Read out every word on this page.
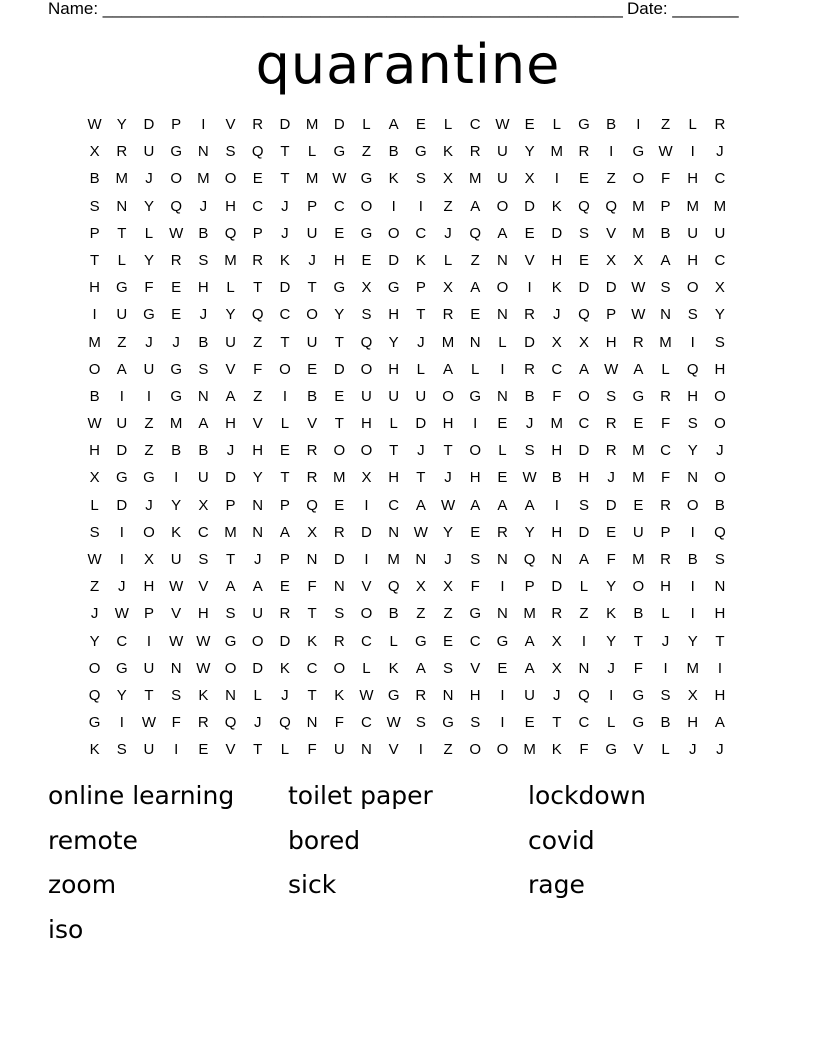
Name: _______________________________________________________ Date: _______
quarantine
W	Y	D	P	I	V	R	D	M	D	L	A	E	L	C W	E	L	G	B	I	Z	L	R
X	R	U	G	N	S	Q	T	L	G	Z	B	G	K	R	U	Y	M	R	I	G W	I	J
B	M	J	O	M	O	E	T	M W G	K	S	X	M	U	X	I	E	Z	O	F	H	C
S	N	Y	Q	J	H	C	J	P	C	O	I	I	Z	A	O	D	K	Q	Q	M	P	M M
P	T	L	W	B	Q	P	J	U	E	G	O	C	J	Q	A	E	D	S	V	M	B	U	U
T	L	Y	R	S	M	R	K	J	H	E	D	K	L	Z	N	V	H	E	X	X	A	H	C
H	G	F	E	H	L	T	D	T	G	X	G	P	X	A	O	I	K	D	D W	S	O	X
I	U	G	E	J	Y	Q	C	O	Y	S	H	T	R	E	N	R	J	Q	P	W N	S	Y
M	Z	J	J	B	U	Z	T	U	T	Q	Y	J	M	N	L	D	X	X	H	R	M	I	S
O	A	U	G	S	V	F	O	E	D	O	H	L	A	L	I	R	C	A	W	A	L	Q	H
B	I	I	G	N	A	Z	I	B	E	U	U	U	O	G	N	B	F	O	S	G	R	H	O
W U	Z	M	A	H	V	L	V	T	H	L	D	H	I	E	J	M	C	R	E	F	S	O
H	D	Z	B	B	J	H	E	R	O	O	T	J	T	O	L	S	H	D	R	M	C	Y	J
X	G	G	I	U	D	Y	T	R	M	X	H	T	J	H	E	W	B	H	J	M	F	N	O
L	D	J	Y	X	P	N	P	Q	E	I	C	A	W	A	A	A	I	S	D	E	R	O	B
S	I	O	K	C	M	N	A	X	R	D	N W	Y	E	R	Y	H	D	E	U	P	I	Q
W	I	X	U	S	T	J	P	N	D	I	M	N	J	S	N	Q	N	A	F	M	R	B	S
Z	J	H W	V	A	A	E	F	N	V	Q	X	X	F	I	P	D	L	Y	O	H	I	N
J	W	P	V	H	S	U	R	T	S	O	B	Z	Z	G	N	M	R	Z	K	B	L	I	H
Y	C	I	W W G	O	D	K	R	C	L	G	E	C	G	A	X	I	Y	T	J	Y	T
O	G	U	N W O	D	K	C	O	L	K	A	S	V	E	A	X	N	J	F	I	M	I
Q	Y	T	S	K	N	L	J	T	K	W G	R	N	H	I	U	J	Q	I	G	S	X	H
G	I	W	F	R	Q	J	Q	N	F	C W	S	G	S	I	E	T	C	L	G	B	H	A
K	S	U	I	E	V	T	L	F	U	N	V	I	Z	O	O	M	K	F	G	V	L	J	J
online learning	toilet paper	lockdown
remote	bored	covid
zoom	sick	rage
iso
